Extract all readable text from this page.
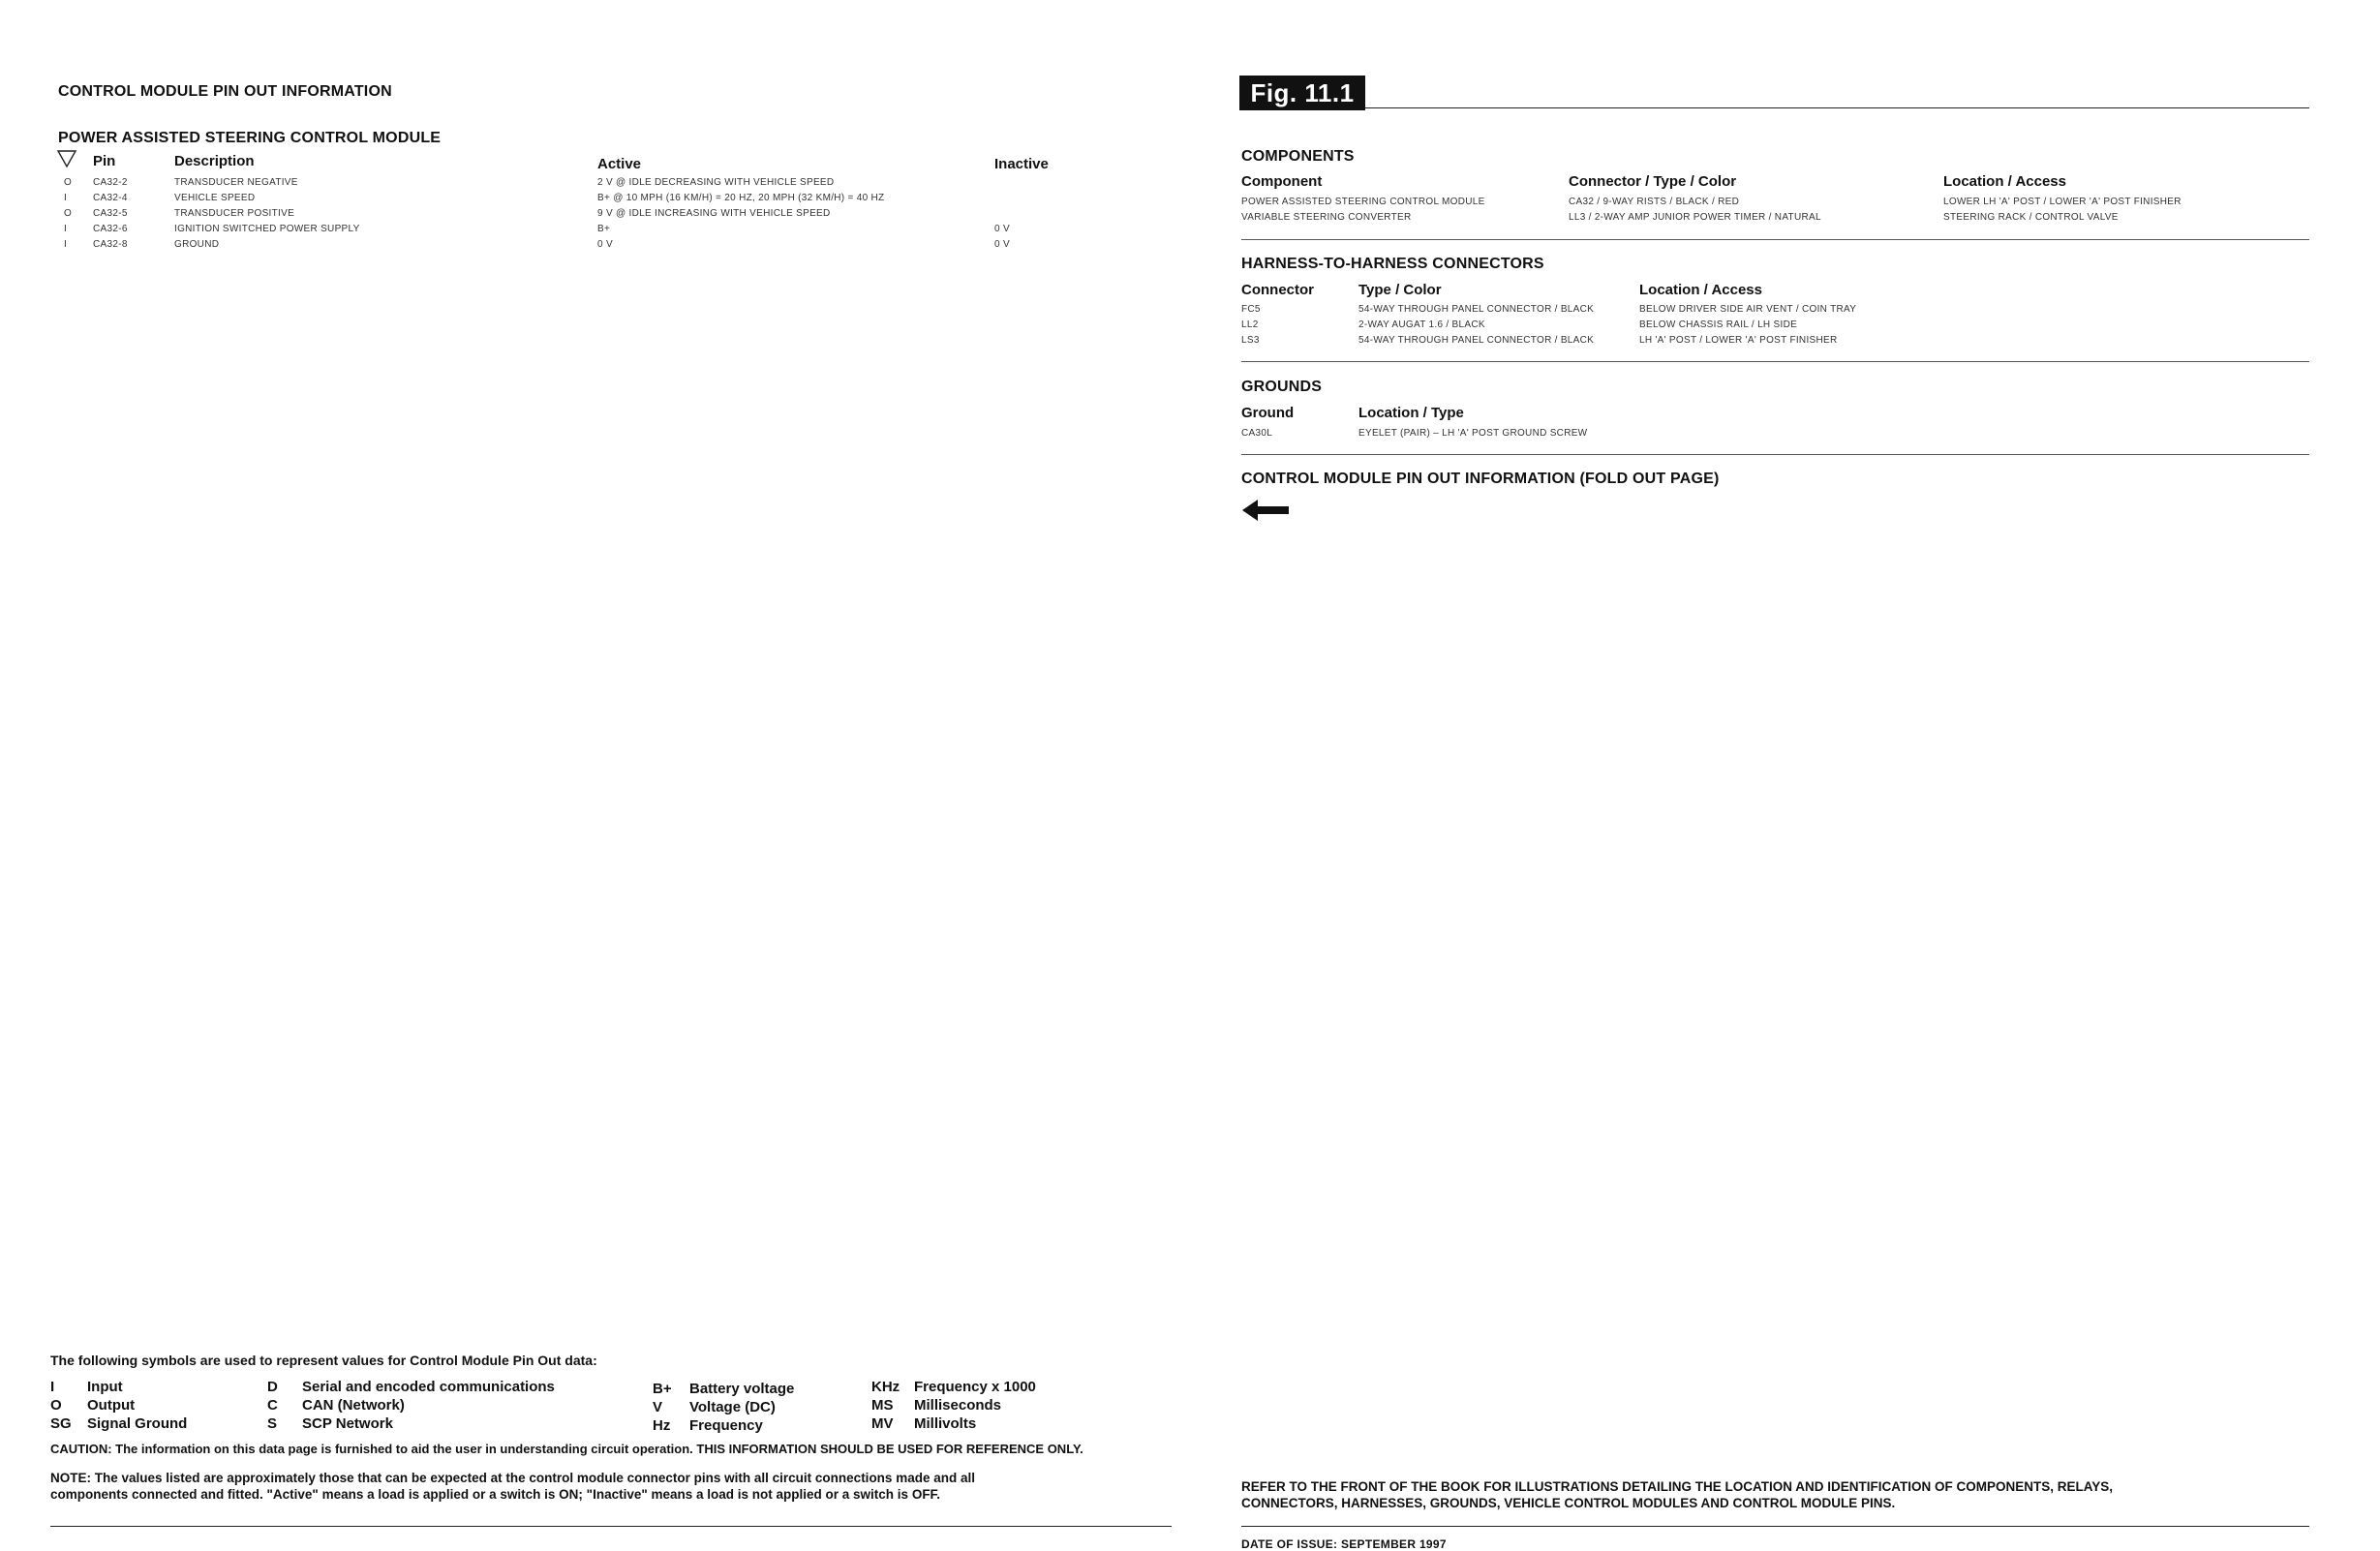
CONTROL MODULE PIN OUT INFORMATION
POWER ASSISTED STEERING CONTROL MODULE
Pin	Description	Active	Inactive
O CA32-2	TRANSDUCER NEGATIVE	2 V @ IDLE DECREASING WITH VEHICLE SPEED
I	CA32-4	VEHICLE SPEED	B+ @ 10 MPH (16 KM/H) = 20 HZ, 20 MPH (32 KM/H) = 40 HZ
O CA32-5	TRANSDUCER POSITIVE	9 V @ IDLE INCREASING WITH VEHICLE SPEED
I	CA32-6	IGNITION SWITCHED POWER SUPPLY	B+	0 V
I	CA32-8	GROUND	0 V	0 V
The following symbols are used to represent values for Control Module Pin Out data:
I Input
O Output
SG Signal Ground
D Serial and encoded communications
C CAN (Network)
S SCP Network
B+ Battery voltage
V Voltage (DC)
Hz Frequency
KHz Frequency x 1000
MS Milliseconds
MV Millivolts
CAUTION: The information on this data page is furnished to aid the user in understanding circuit operation. THIS INFORMATION SHOULD BE USED FOR REFERENCE ONLY.
NOTE: The values listed are approximately those that can be expected at the control module connector pins with all circuit connections made and all
components connected and fitted. "Active" means a load is applied or a switch is ON; "Inactive" means a load is not applied or a switch is OFF.
DATE OF ISSUE: SEPTEMBER 1997
Fig. 11.1
COMPONENTS
Component	Connector / Type / Color	Location / Access
POWER ASSISTED STEERING CONTROL MODULE	CA32 / 9-WAY RISTS / BLACK / RED	LOWER LH 'A' POST / LOWER 'A' POST FINISHER
VARIABLE STEERING CONVERTER	LL3 / 2-WAY AMP JUNIOR POWER TIMER / NATURAL	STEERING RACK / CONTROL VALVE
HARNESS-TO-HARNESS CONNECTORS
Connector	Type / Color	Location / Access
FC5	54-WAY THROUGH PANEL CONNECTOR / BLACK	BELOW DRIVER SIDE AIR VENT / COIN TRAY
LL2	2-WAY AUGAT 1.6 / BLACK	BELOW CHASSIS RAIL / LH SIDE
LS3	54-WAY THROUGH PANEL CONNECTOR / BLACK	LH 'A' POST / LOWER 'A' POST FINISHER
GROUNDS
Ground	Location / Type
CA30L	EYELET (PAIR) – LH 'A' POST GROUND SCREW
CONTROL MODULE PIN OUT INFORMATION (FOLD OUT PAGE)
REFER TO THE FRONT OF THE BOOK FOR ILLUSTRATIONS DETAILING THE LOCATION AND IDENTIFICATION OF COMPONENTS, RELAYS,
CONNECTORS, HARNESSES, GROUNDS, VEHICLE CONTROL MODULES AND CONTROL MODULE PINS.
